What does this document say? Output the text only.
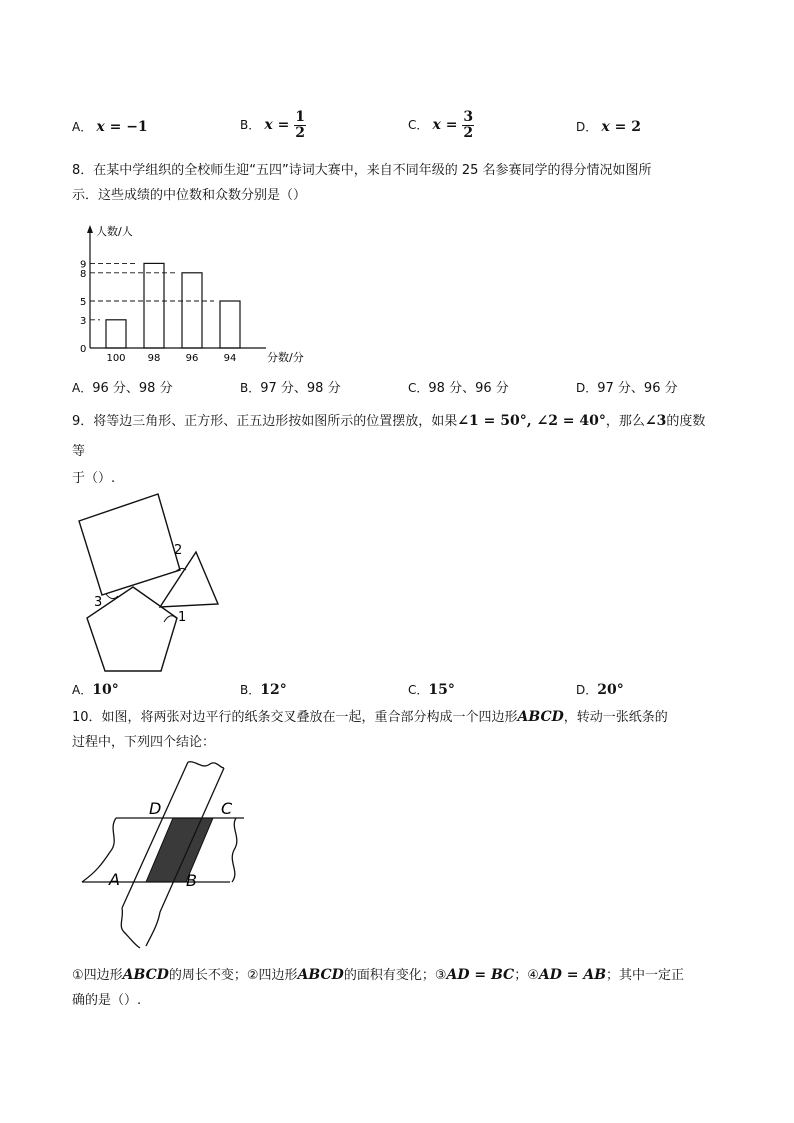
A． x = −1	B． $x = \frac{1}{2}$	C． $x = \frac{3}{2}$	D． x = 2
8．在某中学组织的全校师生迎“五四”诗词大赛中，来自不同年级的 25 名参赛同学的得分情况如图所
示．这些成绩的中位数和众数分别是（）
人数/人
分数/分
0
3
5
8
9
100 98	96	94
A．96 分、98 分	B．97 分、98 分	C．98 分、96 分	D．97 分、96 分
9．将等边三角形、正方形、正五边形按如图所示的位置摆放，如果∠1 = 50°, ∠2 = 40°，那么∠3的度数
等
于（）.
1
2
3
A．10°	B．12°	C．15°	D．20°
10．如图，将两张对边平行的纸条交叉叠放在一起，重合部分构成一个四边形ABCD，转动一张纸条的
过程中，下列四个结论：
D	C
A	B
①四边形ABCD的周长不变；②四边形ABCD的面积有变化；③AD = BC；④AD = AB；其中一定正
确的是（）.
